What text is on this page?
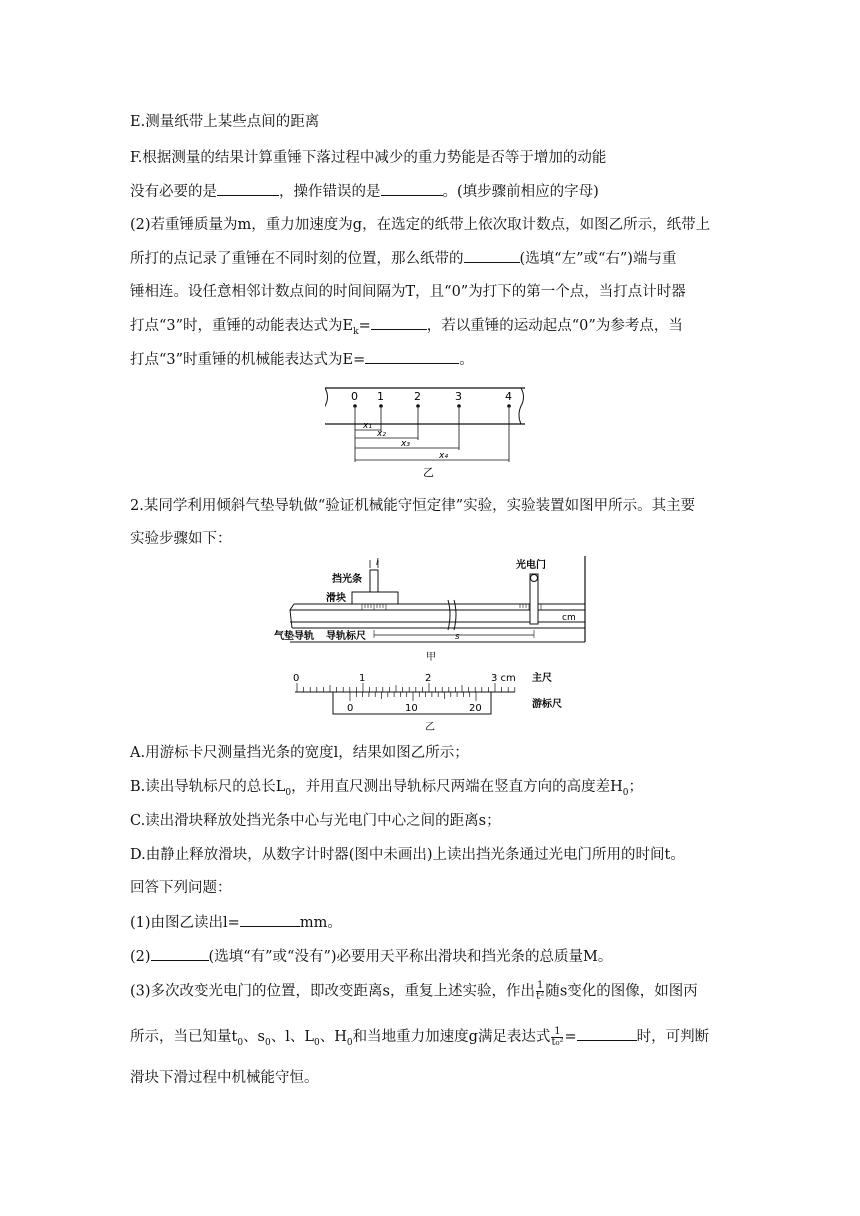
E.测量纸带上某些点间的距离
F.根据测量的结果计算重锤下落过程中减少的重力势能是否等于增加的动能
没有必要的是	，操作错误的是	。(填步骤前相应的字母)
(2)若重锤质量为m，重力加速度为g，在选定的纸带上依次取计数点，如图乙所示，纸带上
所打的点记录了重锤在不同时刻的位置，那么纸带的	(选填“左”或“右”)端与重
锤相连。设任意相邻计数点间的时间间隔为T，且“0”为打下的第一个点，当打点计时器
打点“3”时，重锤的动能表达式为$E_k=$	，若以重锤的运动起点“0”为参考点，当
打点“3”时重锤的机械能表达式为E=	。
0 1	2	3	4
x₁
x₂
x₃
x₄
乙
2.某同学利用倾斜气垫导轨做“验证机械能守恒定律”实验，实验装置如图甲所示。其主要
实验步骤如下：
s
l
挡光条
滑块
光电门
气垫导轨 导轨标尺
cm
甲
0	1	2	3 cm 主尺
0	10	20	游标尺
乙
A.用游标卡尺测量挡光条的宽度l，结果如图乙所示；
B.读出导轨标尺的总长$L_0$，并用直尺测出导轨标尺两端在竖直方向的高度差$H_0$；
C.读出滑块释放处挡光条中心与光电门中心之间的距离s；
D.由静止释放滑块，从数字计时器(图中未画出)上读出挡光条通过光电门所用的时间t。
回答下列问题：
(1)由图乙读出l=	mm。
(2)	(选填“有”或“没有”)必要用天平称出滑块和挡光条的总质量M。
(3)多次改变光电门的位置，即改变距离s，重复上述实验，作出 $\frac{1}{\text{t²}}$ 随s变化的图像，如图丙
所示，当已知量$t_0$、$s_0$、l、$L_0$、$H_0$和当地重力加速度g满足表达式 $\frac{1}{\text{t₀²}}$ =	时，可判断
滑块下滑过程中机械能守恒。
